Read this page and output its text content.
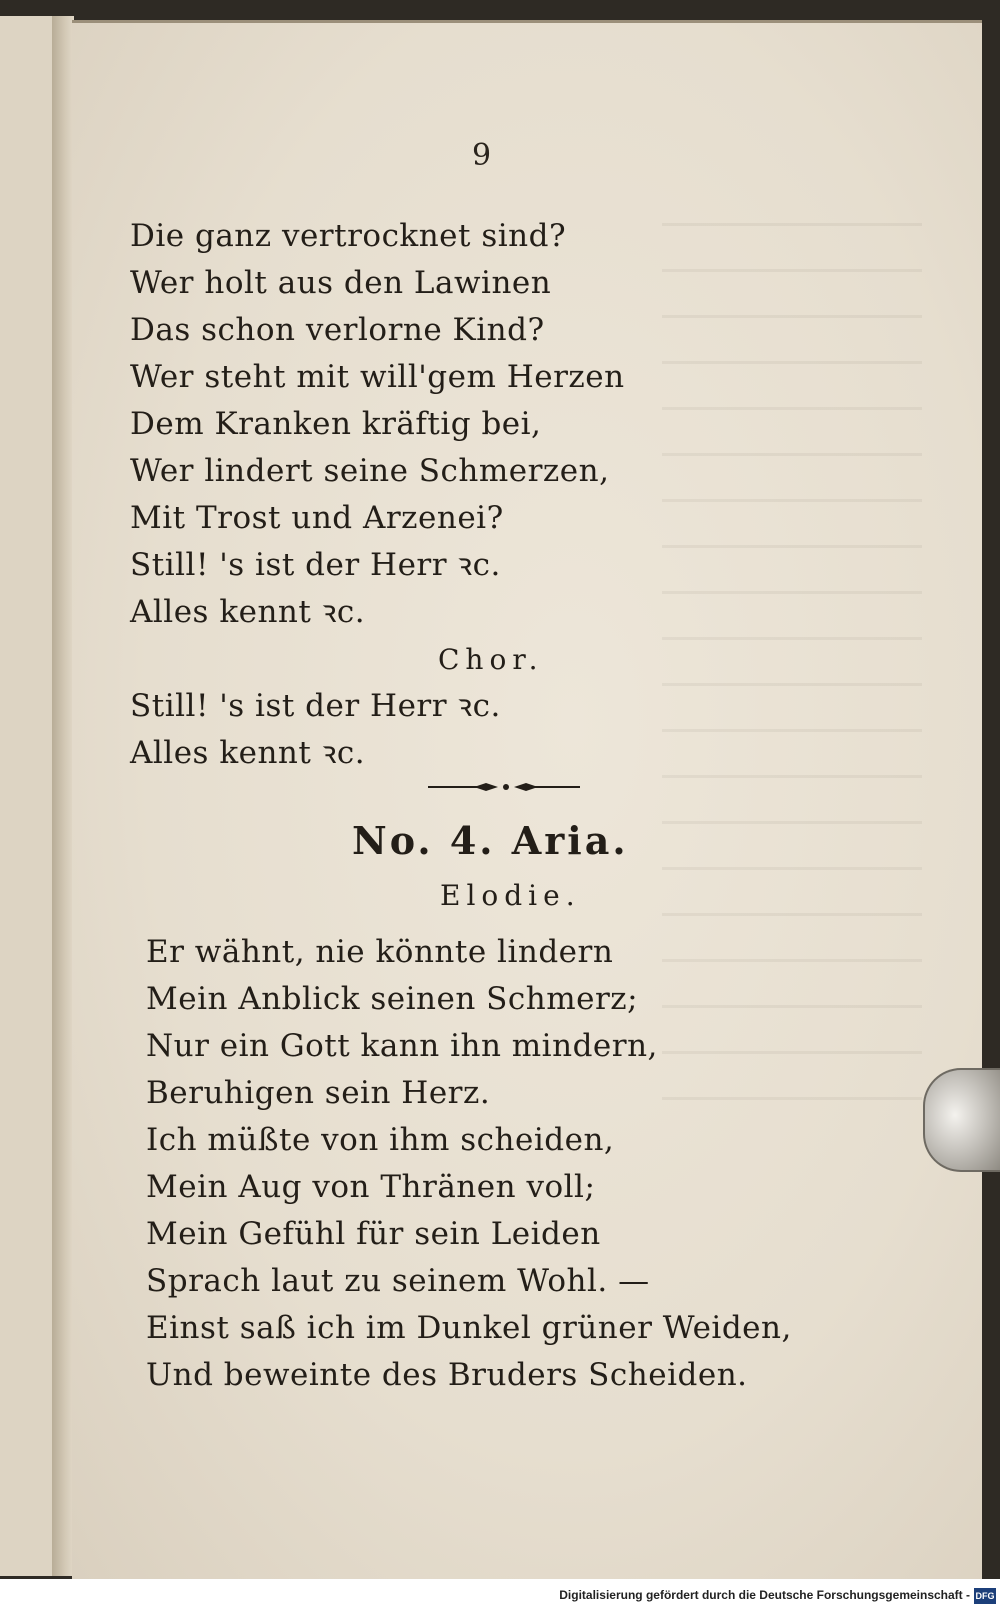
9
Die ganz vertrocknet sind?
Wer holt aus den Lawinen
Das schon verlorne Kind?
Wer steht mit will'gem Herzen
Dem Kranken kräftig bei,
Wer lindert seine Schmerzen,
Mit Trost und Arzenei?
Still! 's ist der Herr ꝛc.
Alles kennt ꝛc.
Chor.
Still! 's ist der Herr ꝛc.
Alles kennt ꝛc.
No. 4. Aria.
Elodie.
Er wähnt, nie könnte lindern
Mein Anblick seinen Schmerz;
Nur ein Gott kann ihn mindern,
Beruhigen sein Herz.
Ich müßte von ihm scheiden,
Mein Aug von Thränen voll;
Mein Gefühl für sein Leiden
Sprach laut zu seinem Wohl. —
Einst saß ich im Dunkel grüner Weiden,
Und beweinte des Bruders Scheiden.
Digitalisierung gefördert durch die Deutsche Forschungsgemeinschaft - DFG
